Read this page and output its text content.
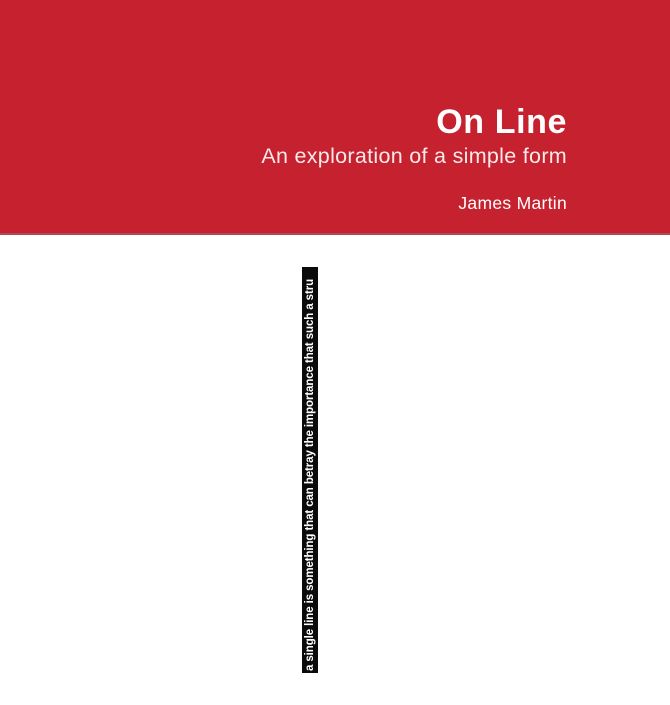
On Line
An exploration of a simple form
James Martin
a single line is something that can betray the importance that such a stru
